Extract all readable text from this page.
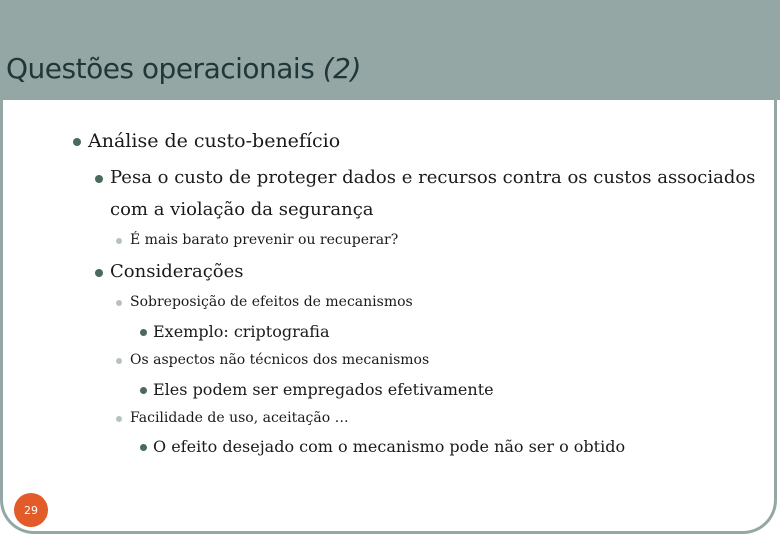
Questões operacionais (2)
Análise de custo-benefício
Pesa o custo de proteger dados e recursos contra os custos associados
com a violação da segurança
É mais barato prevenir ou recuperar?
Considerações
Sobreposição de efeitos de mecanismos
Exemplo: criptografia
Os aspectos não técnicos dos mecanismos
Eles podem ser empregados efetivamente
Facilidade de uso, aceitação …
O efeito desejado com o mecanismo pode não ser o obtido
29
